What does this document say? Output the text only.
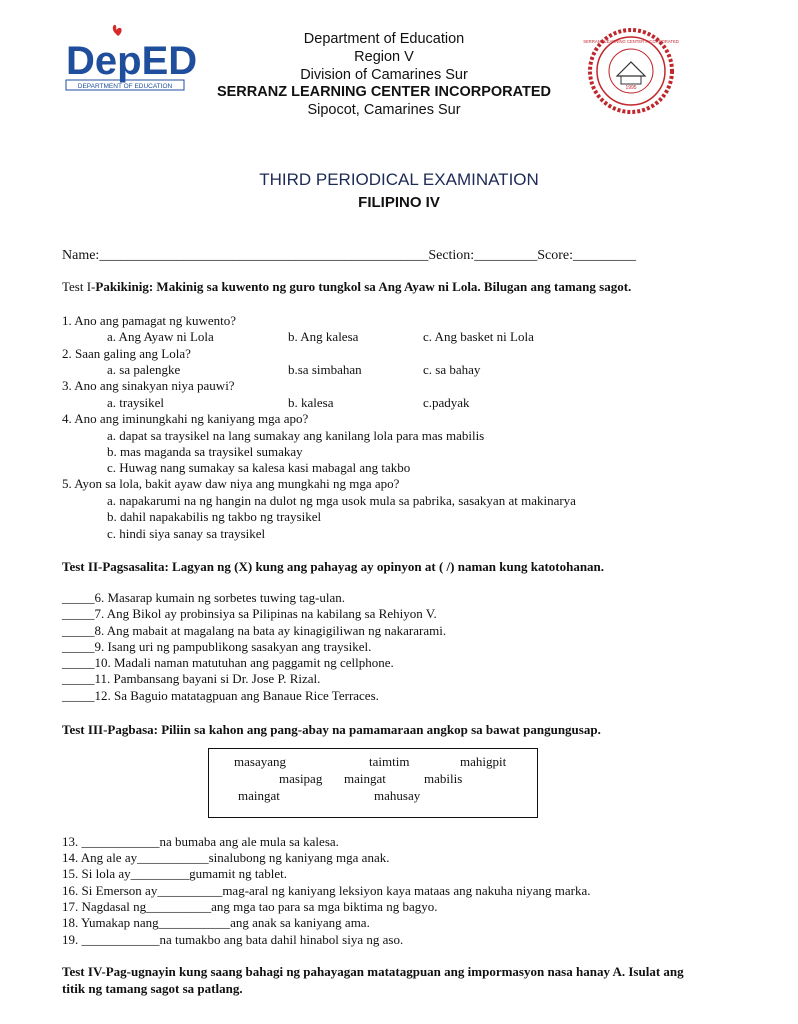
DepED
DEPARTMENT OF EDUCATION	1995
SERRANZ LEARNING CENTER INCORPORATED
Department of Education
Region V
Division of Camarines Sur
SERRANZ LEARNING CENTER INCORPORATED
Sipocot, Camarines Sur
THIRD PERIODICAL EXAMINATION
FILIPINO IV
Name:_______________________________________________Section:_________Score:_________
Test I-Pakikinig: Makinig sa kuwento ng guro tungkol sa Ang Ayaw ni Lola. Bilugan ang tamang sagot.
1. Ano ang pamagat ng kuwento?
a. Ang Ayaw ni Lola	b. Ang kalesa	c. Ang basket ni Lola
2. Saan galing ang Lola?
a. sa palengke	b.sa simbahan	c. sa bahay
3. Ano ang sinakyan niya pauwi?
a. traysikel	b. kalesa	c.padyak
4. Ano ang iminungkahi ng kaniyang mga apo?
a. dapat sa traysikel na lang sumakay ang kanilang lola para mas mabilis
b. mas maganda sa traysikel sumakay
c. Huwag nang sumakay sa kalesa kasi mabagal ang takbo
5. Ayon sa lola, bakit ayaw daw niya ang mungkahi ng mga apo?
a. napakarumi na ng hangin na dulot ng mga usok mula sa pabrika, sasakyan at makinarya
b. dahil napakabilis ng takbo ng traysikel
c. hindi siya sanay sa traysikel
Test II-Pagsasalita: Lagyan ng (X) kung ang pahayag ay opinyon at ( /) naman kung katotohanan.
_____6. Masarap kumain ng sorbetes tuwing tag-ulan.
_____7. Ang Bikol ay probinsiya sa Pilipinas na kabilang sa Rehiyon V.
_____8. Ang mabait at magalang na bata ay kinagigiliwan ng nakararami.
_____9. Isang uri ng pampublikong sasakyan ang traysikel.
_____10. Madali naman matutuhan ang paggamit ng cellphone.
_____11. Pambansang bayani si Dr. Jose P. Rizal.
_____12. Sa Baguio matatagpuan ang Banaue Rice Terraces.
Test III-Pagbasa: Piliin sa kahon ang pang-abay na pamamaraan angkop sa bawat pangungusap.
masayang	taimtim	mahigpit
masipag maingat	mabilis
maingat	mahusay
13. ____________na bumaba ang ale mula sa kalesa.
14. Ang ale ay___________sinalubong ng kaniyang mga anak.
15. Si lola ay_________gumamit ng tablet.
16. Si Emerson ay__________mag-aral ng kaniyang leksiyon kaya mataas ang nakuha niyang marka.
17. Nagdasal ng__________ang mga tao para sa mga biktima ng bagyo.
18. Yumakap nang___________ang anak sa kaniyang ama.
19. ____________na tumakbo ang bata dahil hinabol siya ng aso.
Test IV-Pag-ugnayin kung saang bahagi ng pahayagan matatagpuan ang impormasyon nasa hanay A. Isulat ang
titik ng tamang sagot sa patlang.
